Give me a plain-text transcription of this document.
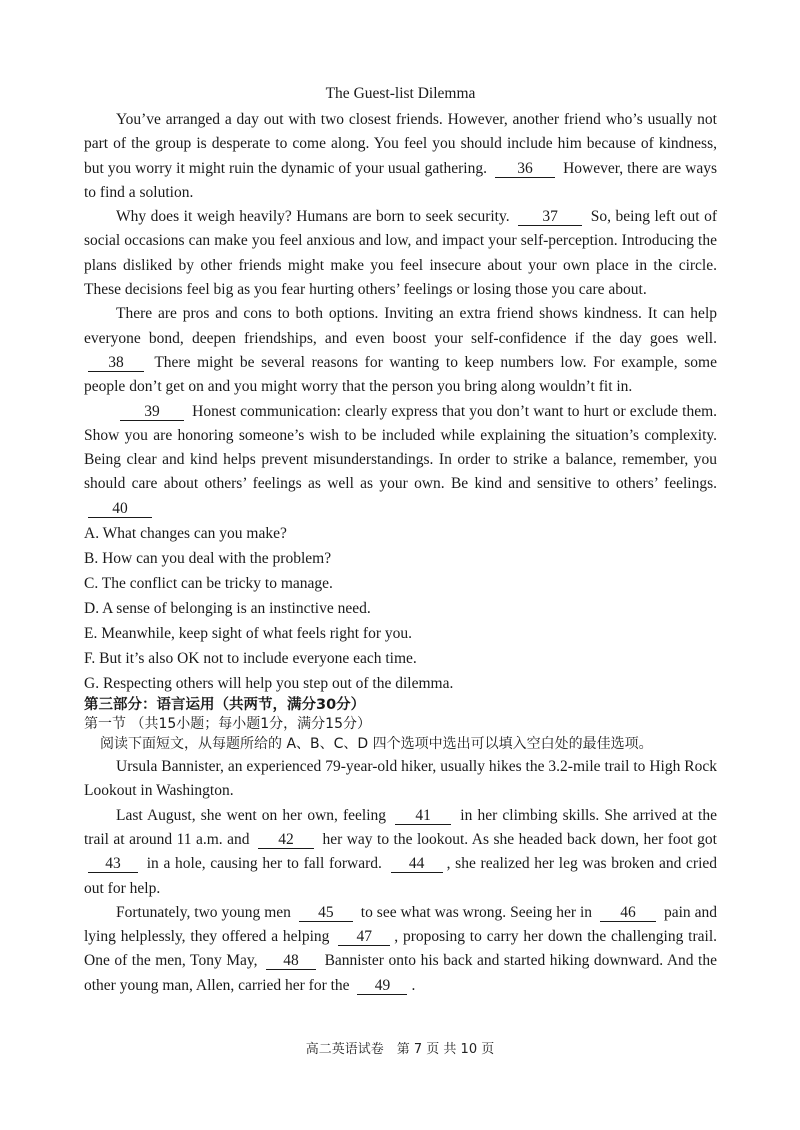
The Guest-list Dilemma

You’ve arranged a day out with two closest friends. However, another friend who’s usually not part of the group is desperate to come along. You feel you should include him because of kindness, but you worry it might ruin the dynamic of your usual gathering. 36 However, there are ways to find a solution.

Why does it weigh heavily? Humans are born to seek security. 37 So, being left out of social occasions can make you feel anxious and low, and impact your self-perception. Introducing the plans disliked by other friends might make you feel insecure about your own place in the circle. These decisions feel big as you fear hurting others’ feelings or losing those you care about.

There are pros and cons to both options. Inviting an extra friend shows kindness. It can help everyone bond, deepen friendships, and even boost your self-confidence if the day goes well. 38 There might be several reasons for wanting to keep numbers low. For example, some people don’t get on and you might worry that the person you bring along wouldn’t fit in.

39 Honest communication: clearly express that you don’t want to hurt or exclude them. Show you are honoring someone’s wish to be included while explaining the situation’s complexity. Being clear and kind helps prevent misunderstandings. In order to strike a balance, remember, you should care about others’ feelings as well as your own. Be kind and sensitive to others’ feelings. 40

A. What changes can you make?

B. How can you deal with the problem?

C. The conflict can be tricky to manage.

D. A sense of belonging is an instinctive need.

E. Meanwhile, keep sight of what feels right for you.

F. But it’s also OK not to include everyone each time.

G. Respecting others will help you step out of the dilemma.

第三部分：语言运用（共两节，满分30分）

第一节 （共15小题；每小题1分，满分15分）

阅读下面短文，从每题所给的 A、B、C、D 四个选项中选出可以填入空白处的最佳选项。

Ursula Bannister, an experienced 79-year-old hiker, usually hikes the 3.2-mile trail to High Rock Lookout in Washington.

Last August, she went on her own, feeling 41 in her climbing skills. She arrived at the trail at around 11 a.m. and 42 her way to the lookout. As she headed back down, her foot got 43 in a hole, causing her to fall forward. 44 , she realized her leg was broken and cried out for help.

Fortunately, two young men 45 to see what was wrong. Seeing her in 46 pain and lying helplessly, they offered a helping 47 , proposing to carry her down the challenging trail. One of the men, Tony May, 48 Bannister onto his back and started hiking downward. And the other young man, Allen, carried her for the 49 .

高二英语试卷　第 7 页 共 10 页
